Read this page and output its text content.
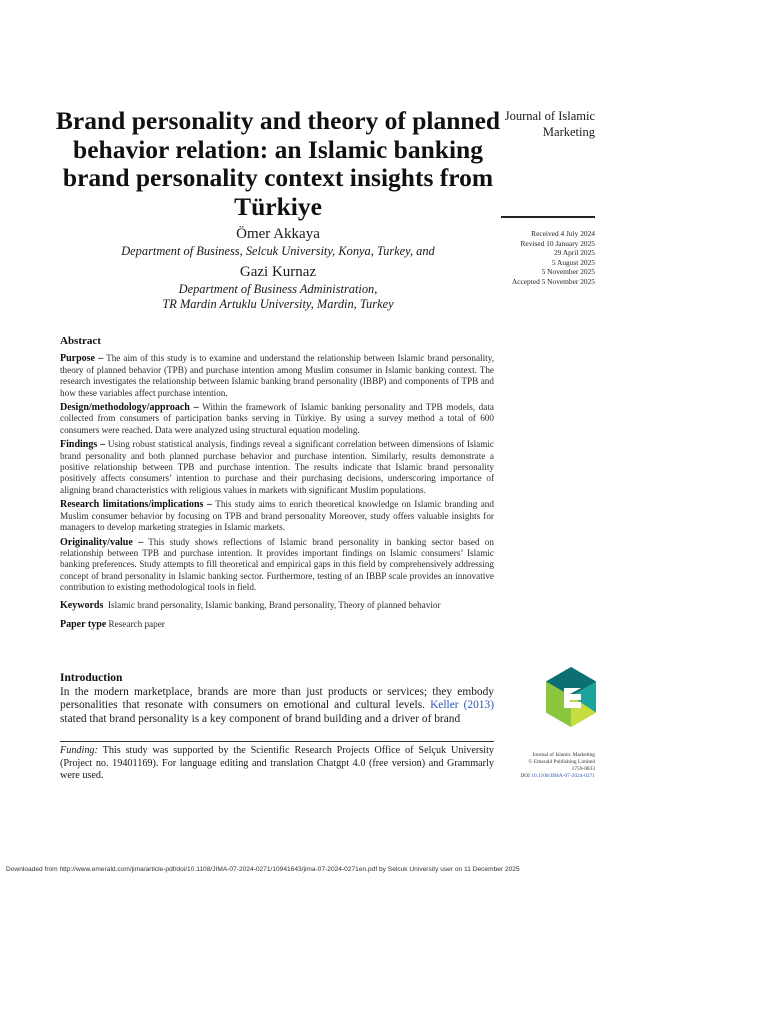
Brand personality and theory of planned behavior relation: an Islamic banking brand personality context insights from Türkiye
Journal of Islamic
Marketing
Received 4 July 2024
Revised 10 January 2025
29 April 2025
5 August 2025
5 November 2025
Accepted 5 November 2025
Ömer Akkaya
Department of Business, Selcuk University, Konya, Turkey, and
Gazi Kurnaz
Department of Business Administration,
TR Mardin Artuklu University, Mardin, Turkey
Abstract

Purpose – The aim of this study is to examine and understand the relationship between Islamic brand personality, theory of planned behavior (TPB) and purchase intention among Muslim consumer in Islamic banking context. The research investigates the relationship between Islamic banking brand personality (IBBP) and components of TPB and how these variables affect purchase intention.

Design/methodology/approach – Within the framework of Islamic banking personality and TPB models, data collected from consumers of participation banks serving in Türkiye. By using a survey method a total of 600 consumers were reached. Data were analyzed using structural equation modeling.

Findings – Using robust statistical analysis, findings reveal a significant correlation between dimensions of Islamic brand personality and both planned purchase behavior and purchase intention. Similarly, results demonstrate a positive relationship between TPB and purchase intention. The results indicate that Islamic brand personality positively affects consumers’ intention to purchase and their purchasing decisions, underscoring importance of aligning brand characteristics with religious values in markets with significant Muslim populations.

Research limitations/implications – This study aims to enrich theoretical knowledge on Islamic branding and Muslim consumer behavior by focusing on TPB and brand personality Moreover, study offers valuable insights for managers to develop marketing strategies in Islamic markets.

Originality/value – This study shows reflections of Islamic brand personality in banking sector based on relationship between TPB and purchase intention. It provides important findings on Islamic consumers’ Islamic banking preferences. Study attempts to fill theoretical and empirical gaps in this field by comprehensively addressing concept of brand personality in Islamic banking sector. Furthermore, testing of an IBBP scale provides an innovative contribution to existing methodological tools in field.

Keywords Islamic brand personality, Islamic banking, Brand personality, Theory of planned behavior

Paper type Research paper

Introduction

In the modern marketplace, brands are more than just products or services; they embody personalities that resonate with consumers on emotional and cultural levels. Keller (2013) stated that brand personality is a key component of brand building and a driver of brand

Funding: This study was supported by the Scientific Research Projects Office of Selçuk University (Project no. 19401169). For language editing and translation Chatgpt 4.0 (free version) and Grammarly were used.

Journal of Islamic Marketing
© Emerald Publishing Limited
1759-0833
DOI 10.1108/JIMA-07-2024-0271
Downloaded from http://www.emerald.com/jima/article-pdf/doi/10.1108/JIMA-07-2024-0271/10941643/jima-07-2024-0271en.pdf by Selcuk University user on 11 December 2025
